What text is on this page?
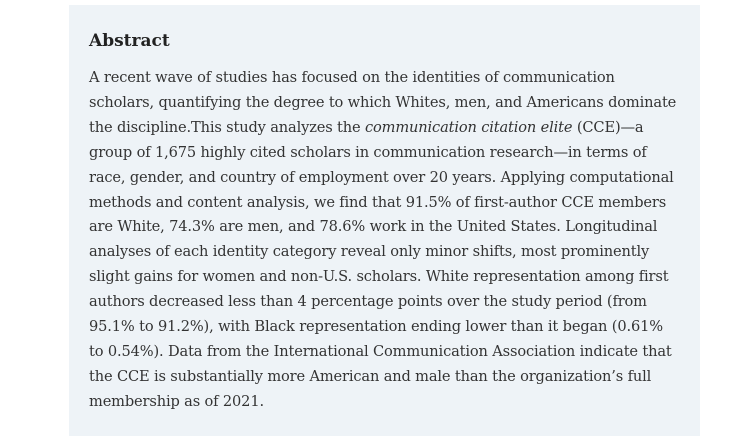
Abstract

A recent wave of studies has focused on the identities of communication scholars, quantifying the degree to which Whites, men, and Americans dominate the discipline.This study analyzes the communication citation elite (CCE)—a group of 1,675 highly cited scholars in communication research—in terms of race, gender, and country of employment over 20 years. Applying computational methods and content analysis, we find that 91.5% of first-author CCE members are White, 74.3% are men, and 78.6% work in the United States. Longitudinal analyses of each identity category reveal only minor shifts, most prominently slight gains for women and non-U.S. scholars. White representation among first authors decreased less than 4 percentage points over the study period (from 95.1% to 91.2%), with Black representation ending lower than it began (0.61% to 0.54%). Data from the International Communication Association indicate that the CCE is substantially more American and male than the organization’s full membership as of 2021.
